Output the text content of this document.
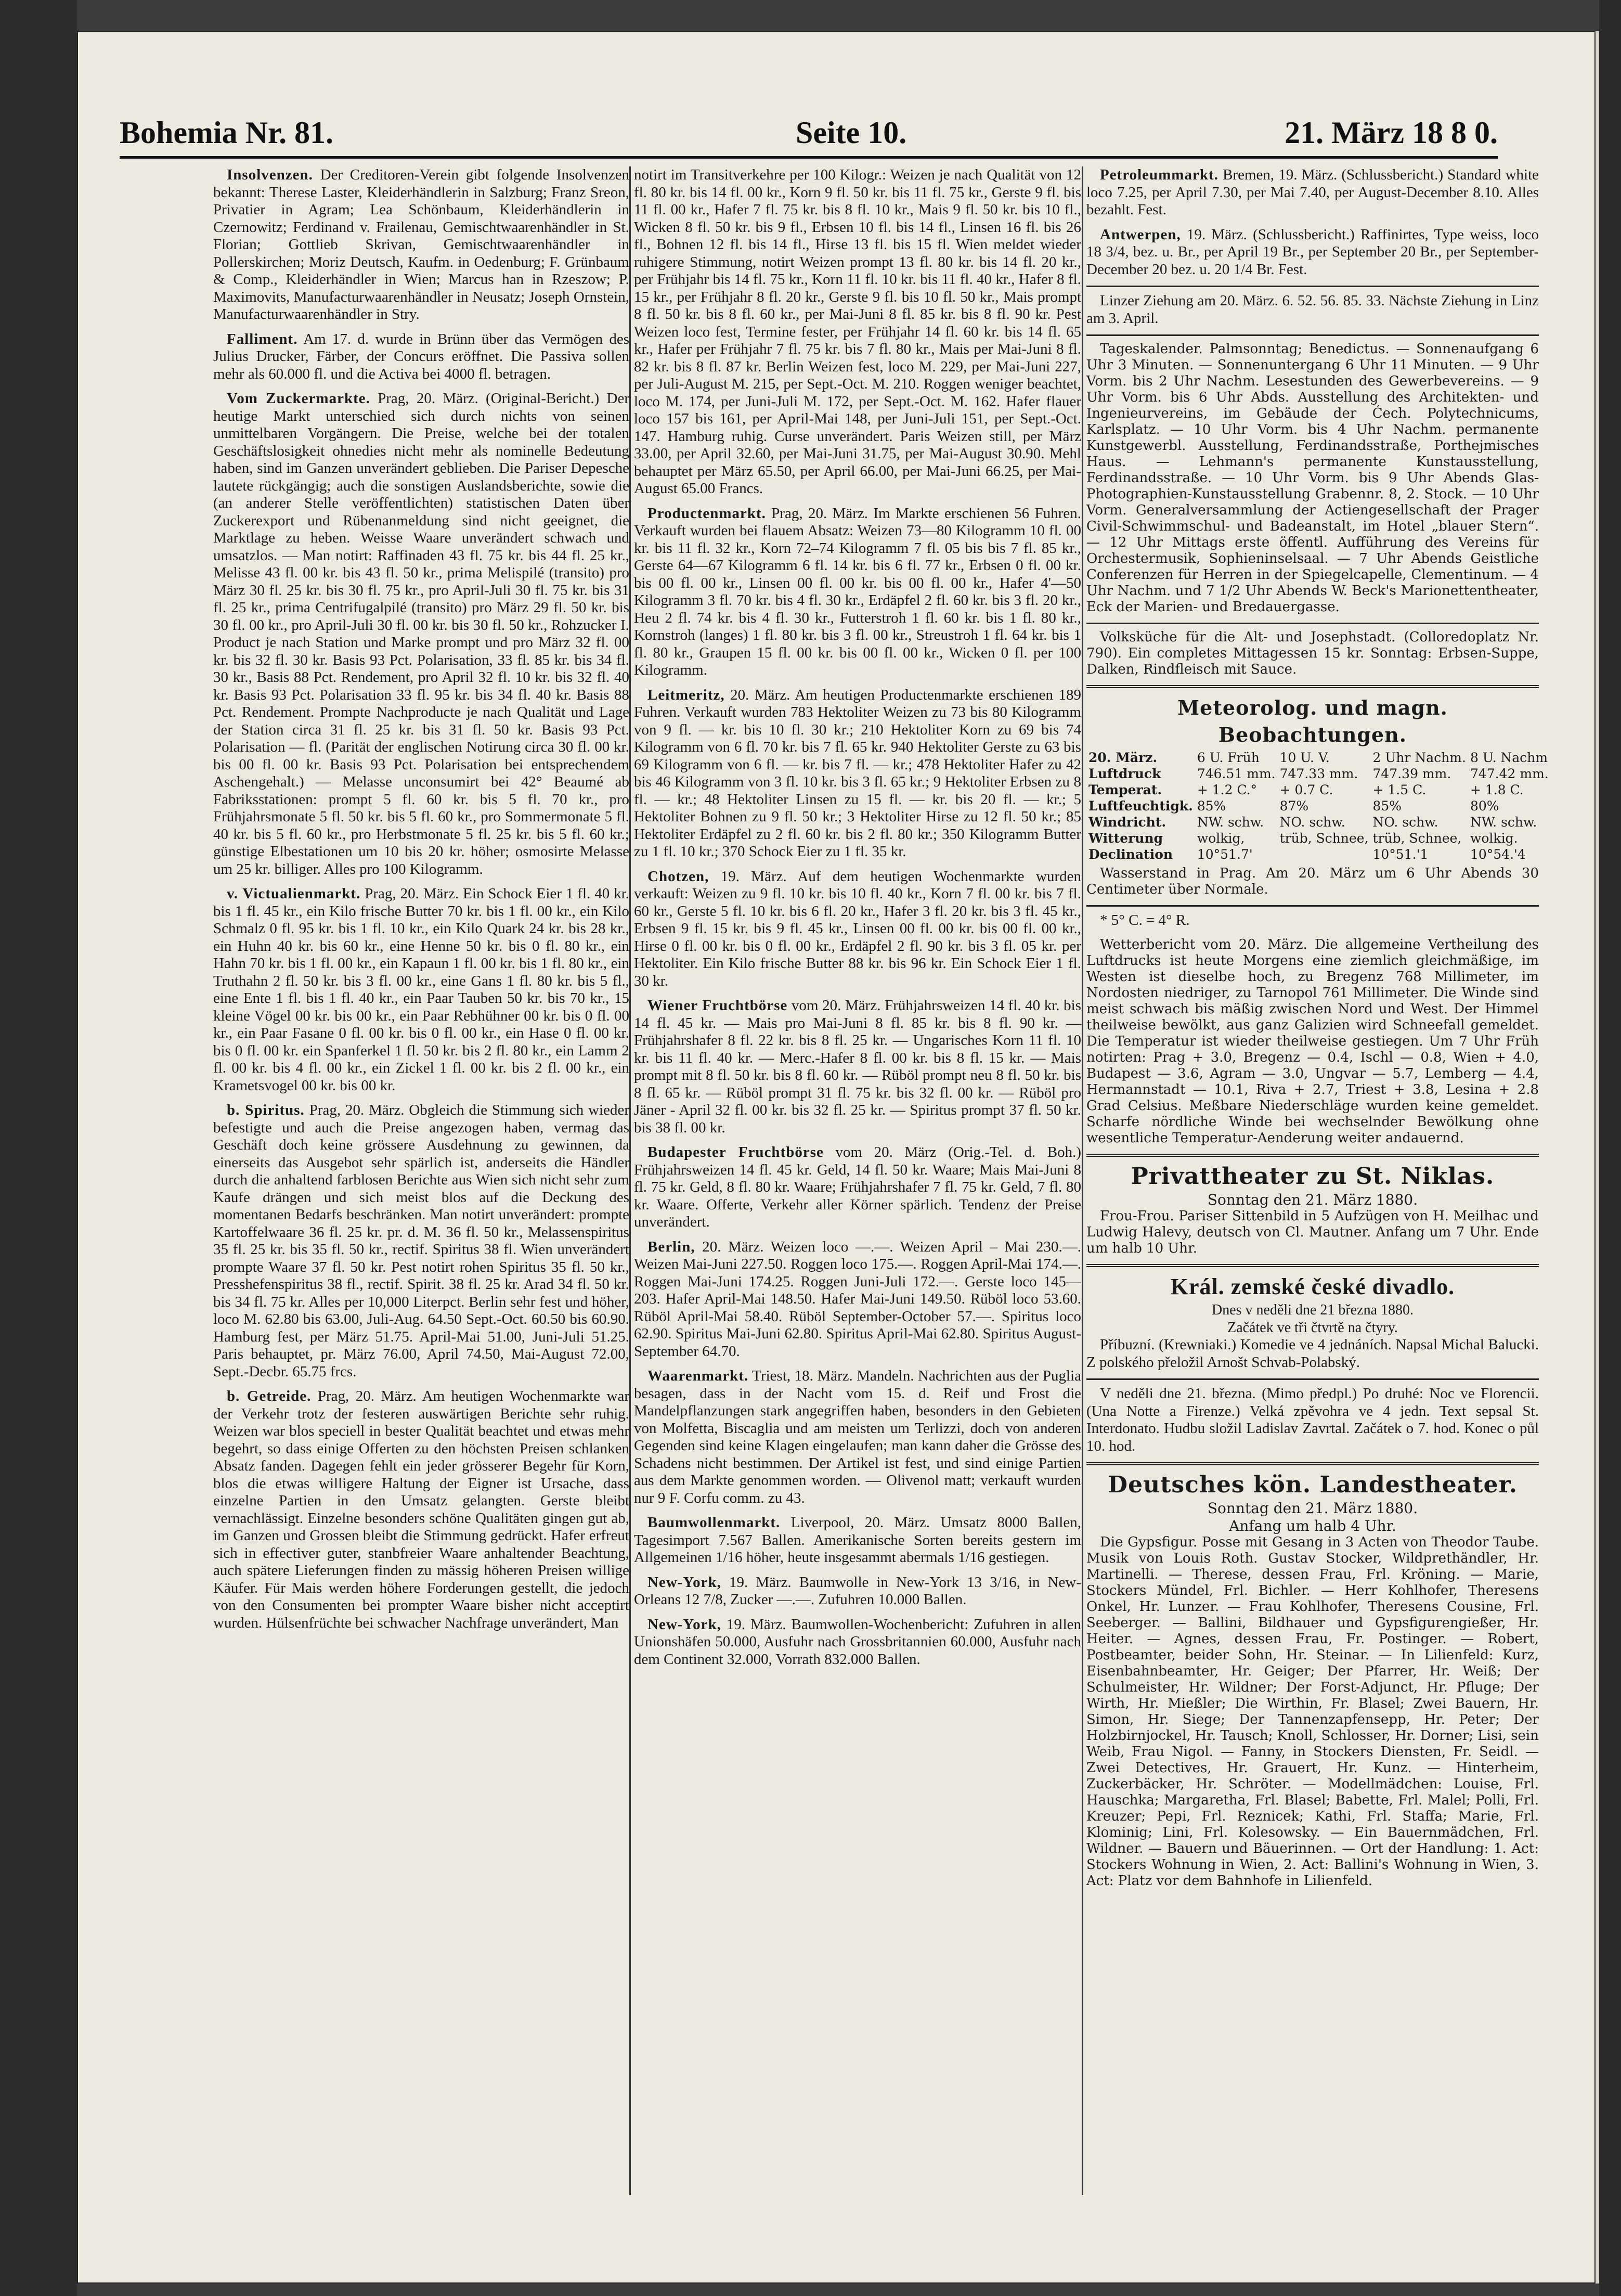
Bohemia Nr. 81.	Seite 10.	21. März 18 8 0.

Insolvenzen. Der Creditoren-Verein gibt folgende Insolvenzen bekannt: Therese Laster, Kleiderhändlerin in Salzburg; Franz Sreon, Privatier in Agram; Lea Schönbaum, Kleiderhändlerin in Czernowitz; Ferdinand v. Frailenau, Gemischtwaarenhändler in St. Florian; Gottlieb Skrivan, Gemischtwaarenhändler in Pollerskirchen; Moriz Deutsch, Kaufm. in Oedenburg; F. Grünbaum & Comp., Kleiderhändler in Wien; Marcus han in Rzeszow; P. Maximovits, Manufacturwaarenhändler in Neusatz; Joseph Ornstein, Manufacturwaarenhändler in Stry.

Falliment. Am 17. d. wurde in Brünn über das Vermögen des Julius Drucker, Färber, der Concurs eröffnet. Die Passiva sollen mehr als 60.000 fl. und die Activa bei 4000 fl. betragen.

Vom Zuckermarkte. Prag, 20. März. (Original-Bericht.) Der heutige Markt unterschied sich durch nichts von seinen unmittelbaren Vorgängern. Die Preise, welche bei der totalen Geschäftslosigkeit ohnedies nicht mehr als nominelle Bedeutung haben, sind im Ganzen unverändert geblieben. Die Pariser Depesche lautete rückgängig; auch die sonstigen Auslandsberichte, sowie die (an anderer Stelle veröffentlichten) statistischen Daten über Zuckerexport und Rübenanmeldung sind nicht geeignet, die Marktlage zu heben. Weisse Waare unverändert schwach und umsatzlos. — Man notirt: Raffinaden 43 fl. 75 kr. bis 44 fl. 25 kr., Melisse 43 fl. 00 kr. bis 43 fl. 50 kr., prima Melispilé (transito) pro März 30 fl. 25 kr. bis 30 fl. 75 kr., pro April-Juli 30 fl. 75 kr. bis 31 fl. 25 kr., prima Centrifugalpilé (transito) pro März 29 fl. 50 kr. bis 30 fl. 00 kr., pro April-Juli 30 fl. 00 kr. bis 30 fl. 50 kr., Rohzucker I. Product je nach Station und Marke prompt und pro März 32 fl. 00 kr. bis 32 fl. 30 kr. Basis 93 Pct. Polarisation, 33 fl. 85 kr. bis 34 fl. 30 kr., Basis 88 Pct. Rendement, pro April 32 fl. 10 kr. bis 32 fl. 40 kr. Basis 93 Pct. Polarisation 33 fl. 95 kr. bis 34 fl. 40 kr. Basis 88 Pct. Rendement. Prompte Nachproducte je nach Qualität und Lage der Station circa 31 fl. 25 kr. bis 31 fl. 50 kr. Basis 93 Pct. Polarisation — fl. (Parität der englischen Notirung circa 30 fl. 00 kr. bis 00 fl. 00 kr. Basis 93 Pct. Polarisation bei entsprechendem Aschengehalt.) — Melasse unconsumirt bei 42° Beaumé ab Fabriksstationen: prompt 5 fl. 60 kr. bis 5 fl. 70 kr., pro Frühjahrsmonate 5 fl. 50 kr. bis 5 fl. 60 kr., pro Sommermonate 5 fl. 40 kr. bis 5 fl. 60 kr., pro Herbstmonate 5 fl. 25 kr. bis 5 fl. 60 kr.; günstige Elbestationen um 10 bis 20 kr. höher; osmosirte Melasse um 25 kr. billiger. Alles pro 100 Kilogramm.

v. Victualienmarkt. Prag, 20. März. Ein Schock Eier 1 fl. 40 kr. bis 1 fl. 45 kr., ein Kilo frische Butter 70 kr. bis 1 fl. 00 kr., ein Kilo Schmalz 0 fl. 95 kr. bis 1 fl. 10 kr., ein Kilo Quark 24 kr. bis 28 kr., ein Huhn 40 kr. bis 60 kr., eine Henne 50 kr. bis 0 fl. 80 kr., ein Hahn 70 kr. bis 1 fl. 00 kr., ein Kapaun 1 fl. 00 kr. bis 1 fl. 80 kr., ein Truthahn 2 fl. 50 kr. bis 3 fl. 00 kr., eine Gans 1 fl. 80 kr. bis 5 fl., eine Ente 1 fl. bis 1 fl. 40 kr., ein Paar Tauben 50 kr. bis 70 kr., 15 kleine Vögel 00 kr. bis 00 kr., ein Paar Rebhühner 00 kr. bis 0 fl. 00 kr., ein Paar Fasane 0 fl. 00 kr. bis 0 fl. 00 kr., ein Hase 0 fl. 00 kr. bis 0 fl. 00 kr. ein Spanferkel 1 fl. 50 kr. bis 2 fl. 80 kr., ein Lamm 2 fl. 00 kr. bis 4 fl. 00 kr., ein Zickel 1 fl. 00 kr. bis 2 fl. 00 kr., ein Krametsvogel 00 kr. bis 00 kr.

b. Spiritus. Prag, 20. März. Obgleich die Stimmung sich wieder befestigte und auch die Preise angezogen haben, vermag das Geschäft doch keine grössere Ausdehnung zu gewinnen, da einerseits das Ausgebot sehr spärlich ist, anderseits die Händler durch die anhaltend farblosen Berichte aus Wien sich nicht sehr zum Kaufe drängen und sich meist blos auf die Deckung des momentanen Bedarfs beschränken. Man notirt unverändert: prompte Kartoffelwaare 36 fl. 25 kr. pr. d. M. 36 fl. 50 kr., Melassenspiritus 35 fl. 25 kr. bis 35 fl. 50 kr., rectif. Spiritus 38 fl. Wien unverändert prompte Waare 37 fl. 50 kr. Pest notirt rohen Spiritus 35 fl. 50 kr., Presshefenspiritus 38 fl., rectif. Spirit. 38 fl. 25 kr. Arad 34 fl. 50 kr. bis 34 fl. 75 kr. Alles per 10,000 Literpct. Berlin sehr fest und höher, loco M. 62.80 bis 63.00, Juli-Aug. 64.50 Sept.-Oct. 60.50 bis 60.90. Hamburg fest, per März 51.75. April-Mai 51.00, Juni-Juli 51.25. Paris behauptet, pr. März 76.00, April 74.50, Mai-August 72.00, Sept.-Decbr. 65.75 frcs.

b. Getreide. Prag, 20. März. Am heutigen Wochenmarkte war der Verkehr trotz der festeren auswärtigen Berichte sehr ruhig. Weizen war blos speciell in bester Qualität beachtet und etwas mehr begehrt, so dass einige Offerten zu den höchsten Preisen schlanken Absatz fanden. Dagegen fehlt ein jeder grösserer Begehr für Korn, blos die etwas willigere Haltung der Eigner ist Ursache, dass einzelne Partien in den Umsatz gelangten. Gerste bleibt vernachlässigt. Einzelne besonders schöne Qualitäten gingen gut ab, im Ganzen und Grossen bleibt die Stimmung gedrückt. Hafer erfreut sich in effectiver guter, stanbfreier Waare anhaltender Beachtung, auch spätere Lieferungen finden zu mässig höheren Preisen willige Käufer. Für Mais werden höhere Forderungen gestellt, die jedoch von den Consumenten bei prompter Waare bisher nicht acceptirt wurden. Hülsenfrüchte bei schwacher Nachfrage unverändert, Man

notirt im Transitverkehre per 100 Kilogr.: Weizen je nach Qualität von 12 fl. 80 kr. bis 14 fl. 00 kr., Korn 9 fl. 50 kr. bis 11 fl. 75 kr., Gerste 9 fl. bis 11 fl. 00 kr., Hafer 7 fl. 75 kr. bis 8 fl. 10 kr., Mais 9 fl. 50 kr. bis 10 fl., Wicken 8 fl. 50 kr. bis 9 fl., Erbsen 10 fl. bis 14 fl., Linsen 16 fl. bis 26 fl., Bohnen 12 fl. bis 14 fl., Hirse 13 fl. bis 15 fl. Wien meldet wieder ruhigere Stimmung, notirt Weizen prompt 13 fl. 80 kr. bis 14 fl. 20 kr., per Frühjahr bis 14 fl. 75 kr., Korn 11 fl. 10 kr. bis 11 fl. 40 kr., Hafer 8 fl. 15 kr., per Frühjahr 8 fl. 20 kr., Gerste 9 fl. bis 10 fl. 50 kr., Mais prompt 8 fl. 50 kr. bis 8 fl. 60 kr., per Mai-Juni 8 fl. 85 kr. bis 8 fl. 90 kr. Pest Weizen loco fest, Termine fester, per Frühjahr 14 fl. 60 kr. bis 14 fl. 65 kr., Hafer per Frühjahr 7 fl. 75 kr. bis 7 fl. 80 kr., Mais per Mai-Juni 8 fl. 82 kr. bis 8 fl. 87 kr. Berlin Weizen fest, loco M. 229, per Mai-Juni 227, per Juli-August M. 215, per Sept.-Oct. M. 210. Roggen weniger beachtet, loco M. 174, per Juni-Juli M. 172, per Sept.-Oct. M. 162. Hafer flauer loco 157 bis 161, per April-Mai 148, per Juni-Juli 151, per Sept.-Oct. 147. Hamburg ruhig. Curse unverändert. Paris Weizen still, per März 33.00, per April 32.60, per Mai-Juni 31.75, per Mai-August 30.90. Mehl behauptet per März 65.50, per April 66.00, per Mai-Juni 66.25, per Mai-August 65.00 Francs.

Productenmarkt. Prag, 20. März. Im Markte erschienen 56 Fuhren. Verkauft wurden bei flauem Absatz: Weizen 73—80 Kilogramm 10 fl. 00 kr. bis 11 fl. 32 kr., Korn 72–74 Kilogramm 7 fl. 05 bis bis 7 fl. 85 kr., Gerste 64—67 Kilogramm 6 fl. 14 kr. bis 6 fl. 77 kr., Erbsen 0 fl. 00 kr. bis 00 fl. 00 kr., Linsen 00 fl. 00 kr. bis 00 fl. 00 kr., Hafer 4'—50 Kilogramm 3 fl. 70 kr. bis 4 fl. 30 kr., Erdäpfel 2 fl. 60 kr. bis 3 fl. 20 kr., Heu 2 fl. 74 kr. bis 4 fl. 30 kr., Futterstroh 1 fl. 60 kr. bis 1 fl. 80 kr., Kornstroh (langes) 1 fl. 80 kr. bis 3 fl. 00 kr., Streustroh 1 fl. 64 kr. bis 1 fl. 80 kr., Graupen 15 fl. 00 kr. bis 00 fl. 00 kr., Wicken 0 fl. per 100 Kilogramm.

Leitmeritz, 20. März. Am heutigen Productenmarkte erschienen 189 Fuhren. Verkauft wurden 783 Hektoliter Weizen zu 73 bis 80 Kilogramm von 9 fl. — kr. bis 10 fl. 30 kr.; 210 Hektoliter Korn zu 69 bis 74 Kilogramm von 6 fl. 70 kr. bis 7 fl. 65 kr. 940 Hektoliter Gerste zu 63 bis 69 Kilogramm von 6 fl. — kr. bis 7 fl. — kr.; 478 Hektoliter Hafer zu 42 bis 46 Kilogramm von 3 fl. 10 kr. bis 3 fl. 65 kr.; 9 Hektoliter Erbsen zu 8 fl. — kr.; 48 Hektoliter Linsen zu 15 fl. — kr. bis 20 fl. — kr.; 5 Hektoliter Bohnen zu 9 fl. 50 kr.; 3 Hektoliter Hirse zu 12 fl. 50 kr.; 85 Hektoliter Erdäpfel zu 2 fl. 60 kr. bis 2 fl. 80 kr.; 350 Kilogramm Butter zu 1 fl. 10 kr.; 370 Schock Eier zu 1 fl. 35 kr.

Chotzen, 19. März. Auf dem heutigen Wochenmarkte wurden verkauft: Weizen zu 9 fl. 10 kr. bis 10 fl. 40 kr., Korn 7 fl. 00 kr. bis 7 fl. 60 kr., Gerste 5 fl. 10 kr. bis 6 fl. 20 kr., Hafer 3 fl. 20 kr. bis 3 fl. 45 kr., Erbsen 9 fl. 15 kr. bis 9 fl. 45 kr., Linsen 00 fl. 00 kr. bis 00 fl. 00 kr., Hirse 0 fl. 00 kr. bis 0 fl. 00 kr., Erdäpfel 2 fl. 90 kr. bis 3 fl. 05 kr. per Hektoliter. Ein Kilo frische Butter 88 kr. bis 96 kr. Ein Schock Eier 1 fl. 30 kr.

Wiener Fruchtbörse vom 20. März. Frühjahrsweizen 14 fl. 40 kr. bis 14 fl. 45 kr. — Mais pro Mai-Juni 8 fl. 85 kr. bis 8 fl. 90 kr. — Frühjahrshafer 8 fl. 22 kr. bis 8 fl. 25 kr. — Ungarisches Korn 11 fl. 10 kr. bis 11 fl. 40 kr. — Merc.-Hafer 8 fl. 00 kr. bis 8 fl. 15 kr. — Mais prompt mit 8 fl. 50 kr. bis 8 fl. 60 kr. — Rüböl prompt neu 8 fl. 50 kr. bis 8 fl. 65 kr. — Rüböl prompt 31 fl. 75 kr. bis 32 fl. 00 kr. — Rüböl pro Jäner - April 32 fl. 00 kr. bis 32 fl. 25 kr. — Spiritus prompt 37 fl. 50 kr. bis 38 fl. 00 kr.

Budapester Fruchtbörse vom 20. März (Orig.-Tel. d. Boh.) Frühjahrsweizen 14 fl. 45 kr. Geld, 14 fl. 50 kr. Waare; Mais Mai-Juni 8 fl. 75 kr. Geld, 8 fl. 80 kr. Waare; Frühjahrshafer 7 fl. 75 kr. Geld, 7 fl. 80 kr. Waare. Offerte, Verkehr aller Körner spärlich. Tendenz der Preise unverändert.

Berlin, 20. März. Weizen loco —.—. Weizen April – Mai 230.—. Weizen Mai-Juni 227.50. Roggen loco 175.—. Roggen April-Mai 174.—. Roggen Mai-Juni 174.25. Roggen Juni-Juli 172.—. Gerste loco 145—203. Hafer April-Mai 148.50. Hafer Mai-Juni 149.50. Rüböl loco 53.60. Rüböl April-Mai 58.40. Rüböl September-October 57.—. Spiritus loco 62.90. Spiritus Mai-Juni 62.80. Spiritus April-Mai 62.80. Spiritus August-September 64.70.

Waarenmarkt. Triest, 18. März. Mandeln. Nachrichten aus der Puglia besagen, dass in der Nacht vom 15. d. Reif und Frost die Mandelpflanzungen stark angegriffen haben, besonders in den Gebieten von Molfetta, Biscaglia und am meisten um Terlizzi, doch von anderen Gegenden sind keine Klagen eingelaufen; man kann daher die Grösse des Schadens nicht bestimmen. Der Artikel ist fest, und sind einige Partien aus dem Markte genommen worden. — Olivenol matt; verkauft wurden nur 9 F. Corfu comm. zu 43.

Baumwollenmarkt. Liverpool, 20. März. Umsatz 8000 Ballen, Tagesimport 7.567 Ballen. Amerikanische Sorten bereits gestern im Allgemeinen 1/16 höher, heute insgesammt abermals 1/16 gestiegen.

New-York, 19. März. Baumwolle in New-York 13 3/16, in New-Orleans 12 7/8, Zucker —.—. Zufuhren 10.000 Ballen.

New-York, 19. März. Baumwollen-Wochenbericht: Zufuhren in allen Unionshäfen 50.000, Ausfuhr nach Grossbritannien 60.000, Ausfuhr nach dem Continent 32.000, Vorrath 832.000 Ballen.

Petroleummarkt. Bremen, 19. März. (Schlussbericht.) Standard white loco 7.25, per April 7.30, per Mai 7.40, per August-December 8.10. Alles bezahlt. Fest.

Antwerpen, 19. März. (Schlussbericht.) Raffinirtes, Type weiss, loco 18 3/4, bez. u. Br., per April 19 Br., per September 20 Br., per September-December 20 bez. u. 20 1/4 Br. Fest.

Linzer Ziehung am 20. März. 6. 52. 56. 85. 33. Nächste Ziehung in Linz am 3. April.

Tageskalender. Palmsonntag; Benedictus. — Sonnenaufgang 6 Uhr 3 Minuten. — Sonnenuntergang 6 Uhr 11 Minuten. — 9 Uhr Vorm. bis 2 Uhr Nachm. Lesestunden des Gewerbevereins. — 9 Uhr Vorm. bis 6 Uhr Abds. Ausstellung des Architekten- und Ingenieurvereins, im Gebäude der Ćech. Polytechnicums, Karlsplatz. — 10 Uhr Vorm. bis 4 Uhr Nachm. permanente Kunstgewerbl. Ausstellung, Ferdinandsstraße, Porthejmisches Haus. — Lehmann's permanente Kunstausstellung, Ferdinandsstraße. — 10 Uhr Vorm. bis 9 Uhr Abends Glas-Photographien-Kunstausstellung Grabennr. 8, 2. Stock. — 10 Uhr Vorm. Generalversammlung der Actiengesellschaft der Prager Civil-Schwimmschul- und Badeanstalt, im Hotel „blauer Stern“. — 12 Uhr Mittags erste öffentl. Aufführung des Vereins für Orchestermusik, Sophieninselsaal. — 7 Uhr Abends Geistliche Conferenzen für Herren in der Spiegelcapelle, Clementinum. — 4 Uhr Nachm. und 7 1/2 Uhr Abends W. Beck's Marionettentheater, Eck der Marien- und Bredauergasse.

Volksküche für die Alt- und Josephstadt. (Colloredoplatz Nr. 790). Ein completes Mittagessen 15 kr. Sonntag: Erbsen-Suppe, Dalken, Rindfleisch mit Sauce.

Meteorolog. und magn. Beobachtungen.
20. März.	6 U. Früh	10 U. V.	2 Uhr Nachm.	8 U. Nachm
Luftdruck	746.51 mm.	747.33 mm.	747.39 mm.	747.42 mm.
Temperat.	+ 1.2 C.°	+ 0.7 C.	+ 1.5 C.	+ 1.8 C.
Luftfeuchtigk.	85%	87%	85%	80%
Windricht.	NW. schw.	NO. schw.	NO. schw.	NW. schw.
Witterung	wolkig,	trüb, Schnee,	trüb, Schnee,	wolkig.
Declination	10°51.7'		10°51.'1	10°54.'4

Wasserstand in Prag. Am 20. März um 6 Uhr Abends 30 Centimeter über Normale.

* 5° C. = 4° R.

Wetterbericht vom 20. März. Die allgemeine Vertheilung des Luftdrucks ist heute Morgens eine ziemlich gleichmäßige, im Westen ist dieselbe hoch, zu Bregenz 768 Millimeter, im Nordosten niedriger, zu Tarnopol 761 Millimeter. Die Winde sind meist schwach bis mäßig zwischen Nord und West. Der Himmel theilweise bewölkt, aus ganz Galizien wird Schneefall gemeldet. Die Temperatur ist wieder theilweise gestiegen. Um 7 Uhr Früh notirten: Prag + 3.0, Bregenz — 0.4, Ischl — 0.8, Wien + 4.0, Budapest — 3.6, Agram — 3.0, Ungvar — 5.7, Lemberg — 4.4, Hermannstadt — 10.1, Riva + 2.7, Triest + 3.8, Lesina + 2.8 Grad Celsius. Meßbare Niederschläge wurden keine gemeldet. Scharfe nördliche Winde bei wechselnder Bewölkung ohne wesentliche Temperatur-Aenderung weiter andauernd.

Privattheater zu St. Niklas.
Sonntag den 21. März 1880.

Frou-Frou. Pariser Sittenbild in 5 Aufzügen von H. Meilhac und Ludwig Halevy, deutsch von Cl. Mautner. Anfang um 7 Uhr. Ende um halb 10 Uhr.

Král. zemské české divadlo.
Dnes v neděli dne 21 března 1880.
Začátek ve tři čtvrtě na čtyry.

Příbuzní. (Krewniaki.) Komedie ve 4 jednáních. Napsal Michal Balucki. Z polského přeložil Arnošt Schvab-Polabský.

V neděli dne 21. března. (Mimo předpl.) Po druhé: Noc ve Florencii. (Una Notte a Firenze.) Velká zpěvohra ve 4 jedn. Text sepsal St. Interdonato. Hudbu složil Ladislav Zavrtal. Začátek o 7. hod. Konec o půl 10. hod.

Deutsches kön. Landestheater.
Sonntag den 21. März 1880.
Anfang um halb 4 Uhr.

Die Gypsfigur. Posse mit Gesang in 3 Acten von Theodor Taube. Musik von Louis Roth. Gustav Stocker, Wildprethändler, Hr. Martinelli. — Therese, dessen Frau, Frl. Kröning. — Marie, Stockers Mündel, Frl. Bichler. — Herr Kohlhofer, Theresens Onkel, Hr. Lunzer. — Frau Kohlhofer, Theresens Cousine, Frl. Seeberger. — Ballini, Bildhauer und Gypsfigurengießer, Hr. Heiter. — Agnes, dessen Frau, Fr. Postinger. — Robert, Postbeamter, beider Sohn, Hr. Steinar. — In Lilienfeld: Kurz, Eisenbahnbeamter, Hr. Geiger; Der Pfarrer, Hr. Weiß; Der Schulmeister, Hr. Wildner; Der Forst-Adjunct, Hr. Pfluge; Der Wirth, Hr. Mießler; Die Wirthin, Fr. Blasel; Zwei Bauern, Hr. Simon, Hr. Siege; Der Tannenzapfensepp, Hr. Peter; Der Holzbirnjockel, Hr. Tausch; Knoll, Schlosser, Hr. Dorner; Lisi, sein Weib, Frau Nigol. — Fanny, in Stockers Diensten, Fr. Seidl. — Zwei Detectives, Hr. Grauert, Hr. Kunz. — Hinterheim, Zuckerbäcker, Hr. Schröter. — Modellmädchen: Louise, Frl. Hauschka; Margaretha, Frl. Blasel; Babette, Frl. Malel; Polli, Frl. Kreuzer; Pepi, Frl. Reznicek; Kathi, Frl. Staffa; Marie, Frl. Klominig; Lini, Frl. Kolesowsky. — Ein Bauernmädchen, Frl. Wildner. — Bauern und Bäuerinnen. — Ort der Handlung: 1. Act: Stockers Wohnung in Wien, 2. Act: Ballini's Wohnung in Wien, 3. Act: Platz vor dem Bahnhofe in Lilienfeld.
